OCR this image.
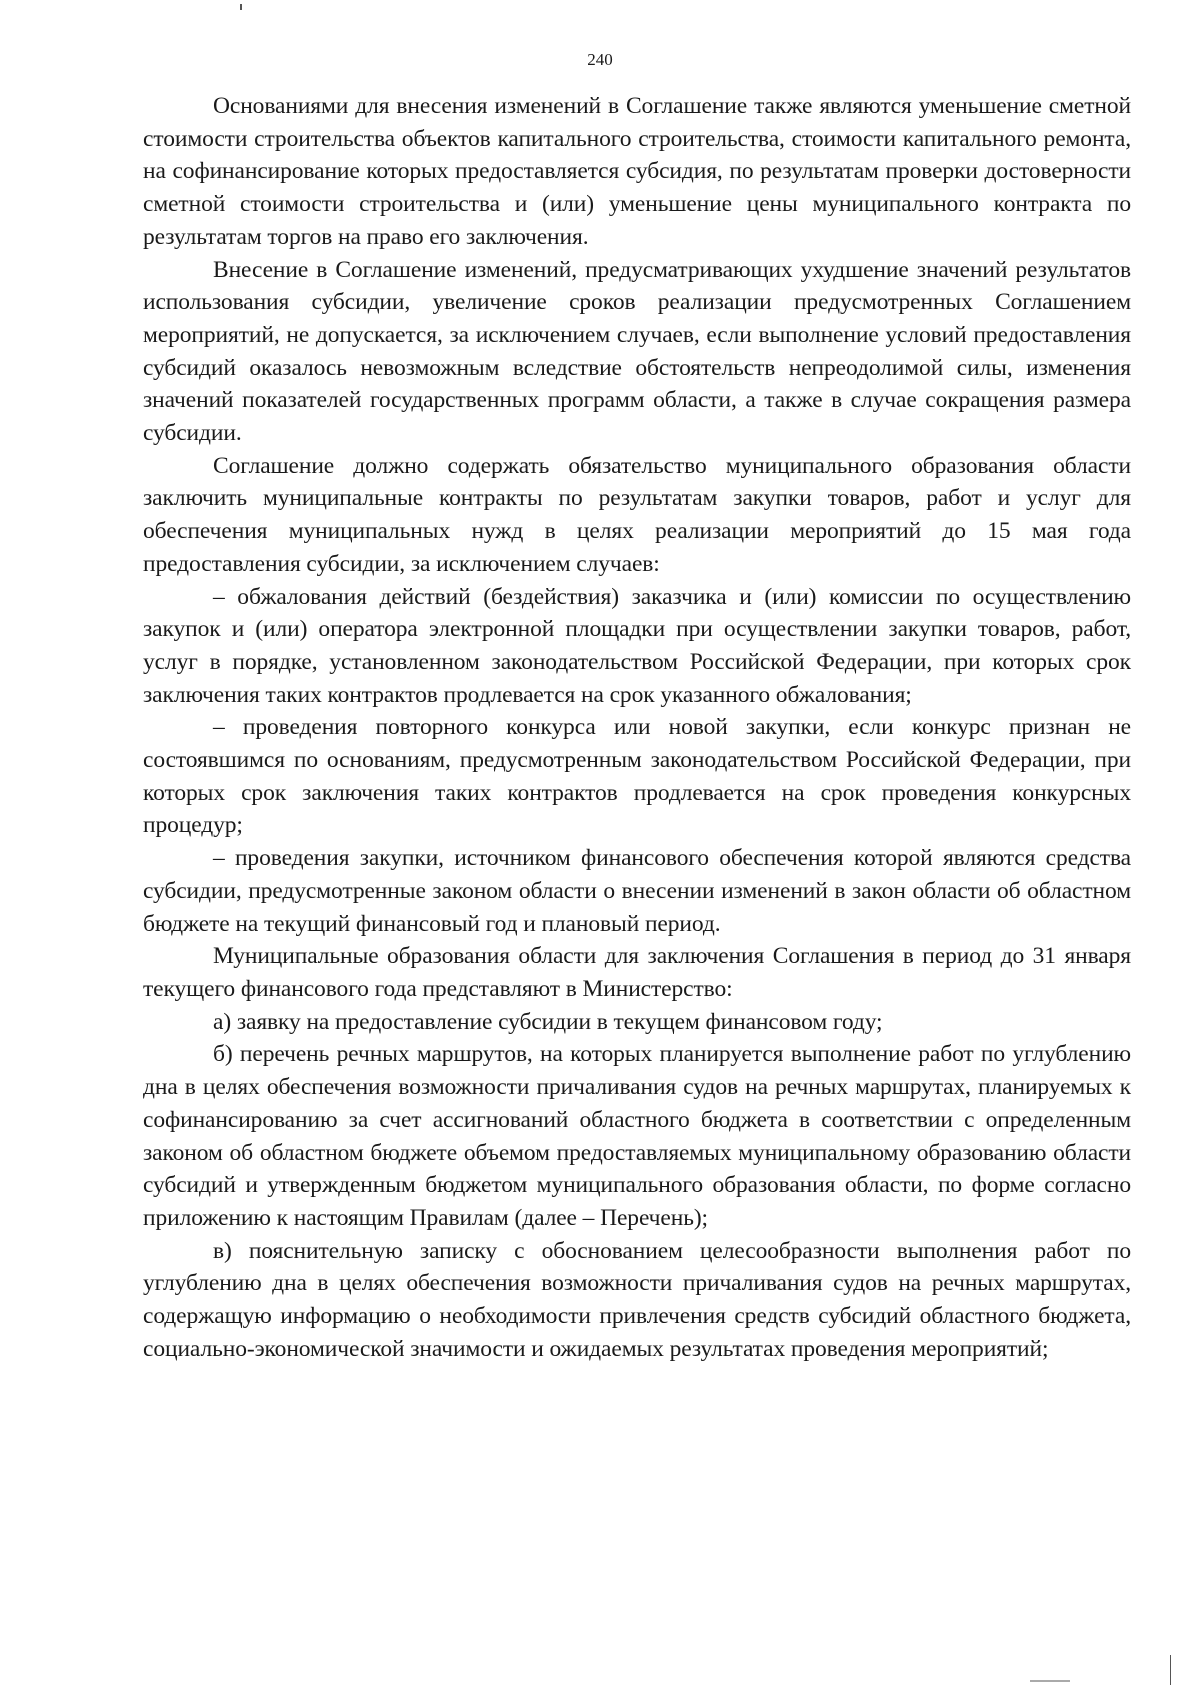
240

Основаниями для внесения изменений в Соглашение также являются уменьшение сметной стоимости строительства объектов капитального строительства, стоимости капитального ремонта, на софинансирование которых предоставляется субсидия, по результатам проверки достоверности сметной стоимости строительства и (или) уменьшение цены муниципального контракта по результатам торгов на право его заключения.

Внесение в Соглашение изменений, предусматривающих ухудшение значений результатов использования субсидии, увеличение сроков реализации предусмотренных Соглашением мероприятий, не допускается, за исключением случаев, если выполнение условий предоставления субсидий оказалось невозможным вследствие обстоятельств непреодолимой силы, изменения значений показателей государственных программ области, а также в случае сокращения размера субсидии.

Соглашение должно содержать обязательство муниципального образования области заключить муниципальные контракты по результатам закупки товаров, работ и услуг для обеспечения муниципальных нужд в целях реализации мероприятий до 15 мая года предоставления субсидии, за исключением случаев:

– обжалования действий (бездействия) заказчика и (или) комиссии по осуществлению закупок и (или) оператора электронной площадки при осуществлении закупки товаров, работ, услуг в порядке, установленном законодательством Российской Федерации, при которых срок заключения таких контрактов продлевается на срок указанного обжалования;

– проведения повторного конкурса или новой закупки, если конкурс признан не состоявшимся по основаниям, предусмотренным законодательством Российской Федерации, при которых срок заключения таких контрактов продлевается на срок проведения конкурсных процедур;

– проведения закупки, источником финансового обеспечения которой являются средства субсидии, предусмотренные законом области о внесении изменений в закон области об областном бюджете на текущий финансовый год и плановый период.

Муниципальные образования области для заключения Соглашения в период до 31 января текущего финансового года представляют в Министерство:

а) заявку на предоставление субсидии в текущем финансовом году;

б) перечень речных маршрутов, на которых планируется выполнение работ по углублению дна в целях обеспечения возможности причаливания судов на речных маршрутах, планируемых к софинансированию за счет ассигнований областного бюджета в соответствии с определенным законом об областном бюджете объемом предоставляемых муниципальному образованию области субсидий и утвержденным бюджетом муниципального образования области, по форме согласно приложению к настоящим Правилам (далее – Перечень);

в) пояснительную записку с обоснованием целесообразности выполнения работ по углублению дна в целях обеспечения возможности причаливания судов на речных маршрутах, содержащую информацию о необходимости привлечения средств субсидий областного бюджета, социально-экономической значимости и ожидаемых результатах проведения мероприятий;
